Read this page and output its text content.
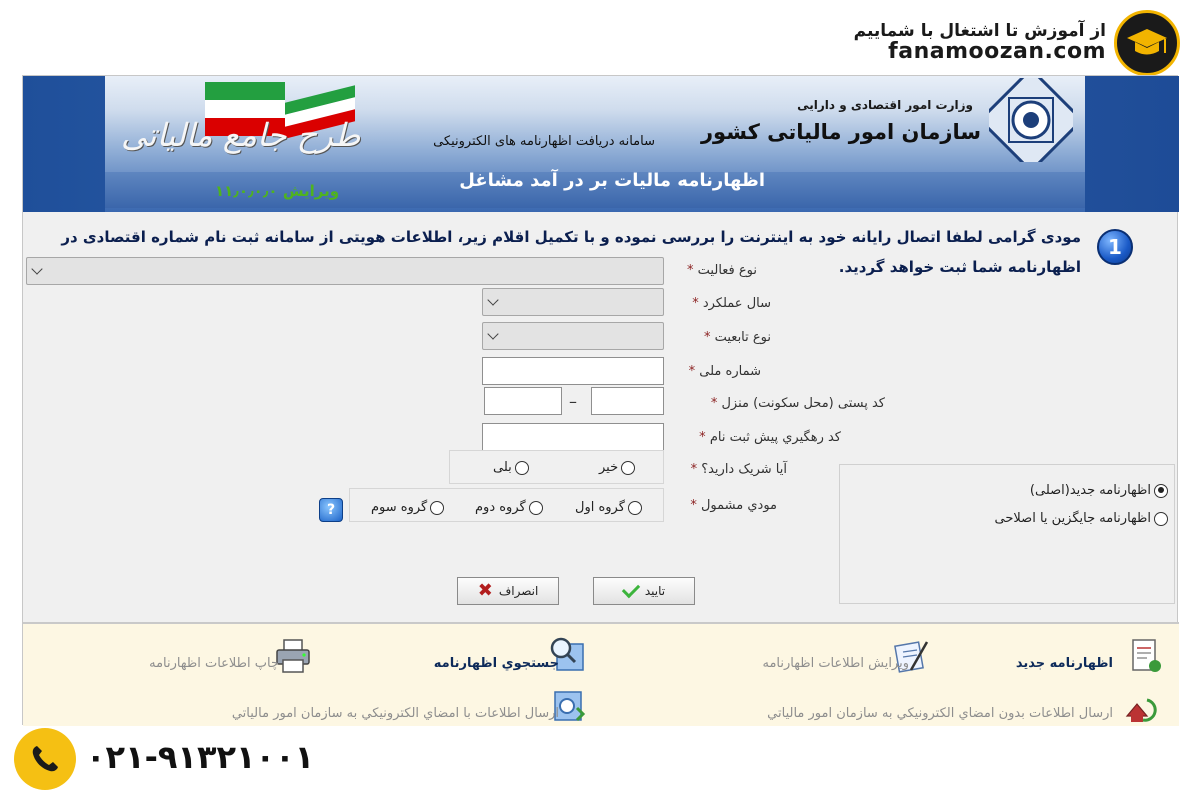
از آموزش تا اشتغال با شماییم
fanamoozan.com
طرح جامع مالیاتی
ویرایش ۱۱٫۰٫۰٫۰
سامانه دریافت اظهارنامه های الکترونیکی
وزارت امور اقتصادی و دارایی
سازمان امور مالیاتی کشور
اظهارنامه مالیات بر در آمد مشاغل
1
مودی گرامی لطفا اتصال رایانه خود به اینترنت را بررسی نموده و با تکمیل اقلام زیر، اطلاعات هویتی از سامانه ثبت نام شماره اقتصادی در اظهارنامه شما ثبت خواهد گردید.
نوع فعالیت *
سال عملکرد *
نوع تابعیت *
شماره ملی *
کد پستی (محل سکونت) منزل *
–
کد رهگیري پیش ثبت نام *
آیا شریک دارید؟ *
خیر
بلی
مودي مشمول *
گروه اول
گروه دوم
گروه سوم
?
اظهارنامه جدید(اصلی)
اظهارنامه جایگزین یا اصلاحی
تایید
انصراف
✖
اظهارنامه جدید
ویرایش اطلاعات اظهارنامه
جستجوي اظهارنامه
چاپ اطلاعات اظهارنامه
ارسال اطلاعات بدون امضاي الكترونيكي به سازمان امور مالياتي
ارسال اطلاعات با امضاي الكترونيكي به سازمان امور مالياتي
۰۲۱-۹۱۳۲۱۰۰۱
